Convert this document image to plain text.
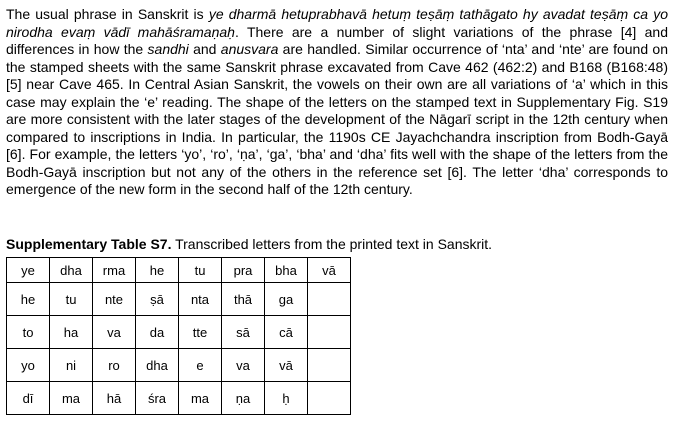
The usual phrase in Sanskrit is ye dharmā hetuprabhavā hetuṃ teṣāṃ tathāgato hy avadat teṣāṃ ca yo nirodha evaṃ vādī mahāśramaṇaḥ. There are a number of slight variations of the phrase [4] and differences in how the sandhi and anusvara are handled. Similar occurrence of ‘nta’ and ‘nte’ are found on the stamped sheets with the same Sanskrit phrase excavated from Cave 462 (462:2) and B168 (B168:48) [5] near Cave 465. In Central Asian Sanskrit, the vowels on their own are all variations of ‘a’ which in this case may explain the ‘e’ reading. The shape of the letters on the stamped text in Supplementary Fig. S19 are more consistent with the later stages of the development of the Nāgarī script in the 12th century when compared to inscriptions in India. In particular, the 1190s CE Jayachchandra inscription from Bodh-Gayā [6]. For example, the letters ‘yo’, ‘ro’, ‘ṇa’, ‘ga’, ‘bha’ and ‘dha’ fits well with the shape of the letters from the Bodh-Gayā inscription but not any of the others in the reference set [6]. The letter ‘dha’ corresponds to emergence of the new form in the second half of the 12th century.

Supplementary Table S7. Transcribed letters from the printed text in Sanskrit.

ye	dha	rma	he	tu	pra	bha	vā
he	tu	nte	ṣā	nta	thā	ga	
to	ha	va	da	tte	sā	cā	
yo	ni	ro	dha	e	va	vā	
dī	ma	hā	śra	ma	ṇa	ḥ	
